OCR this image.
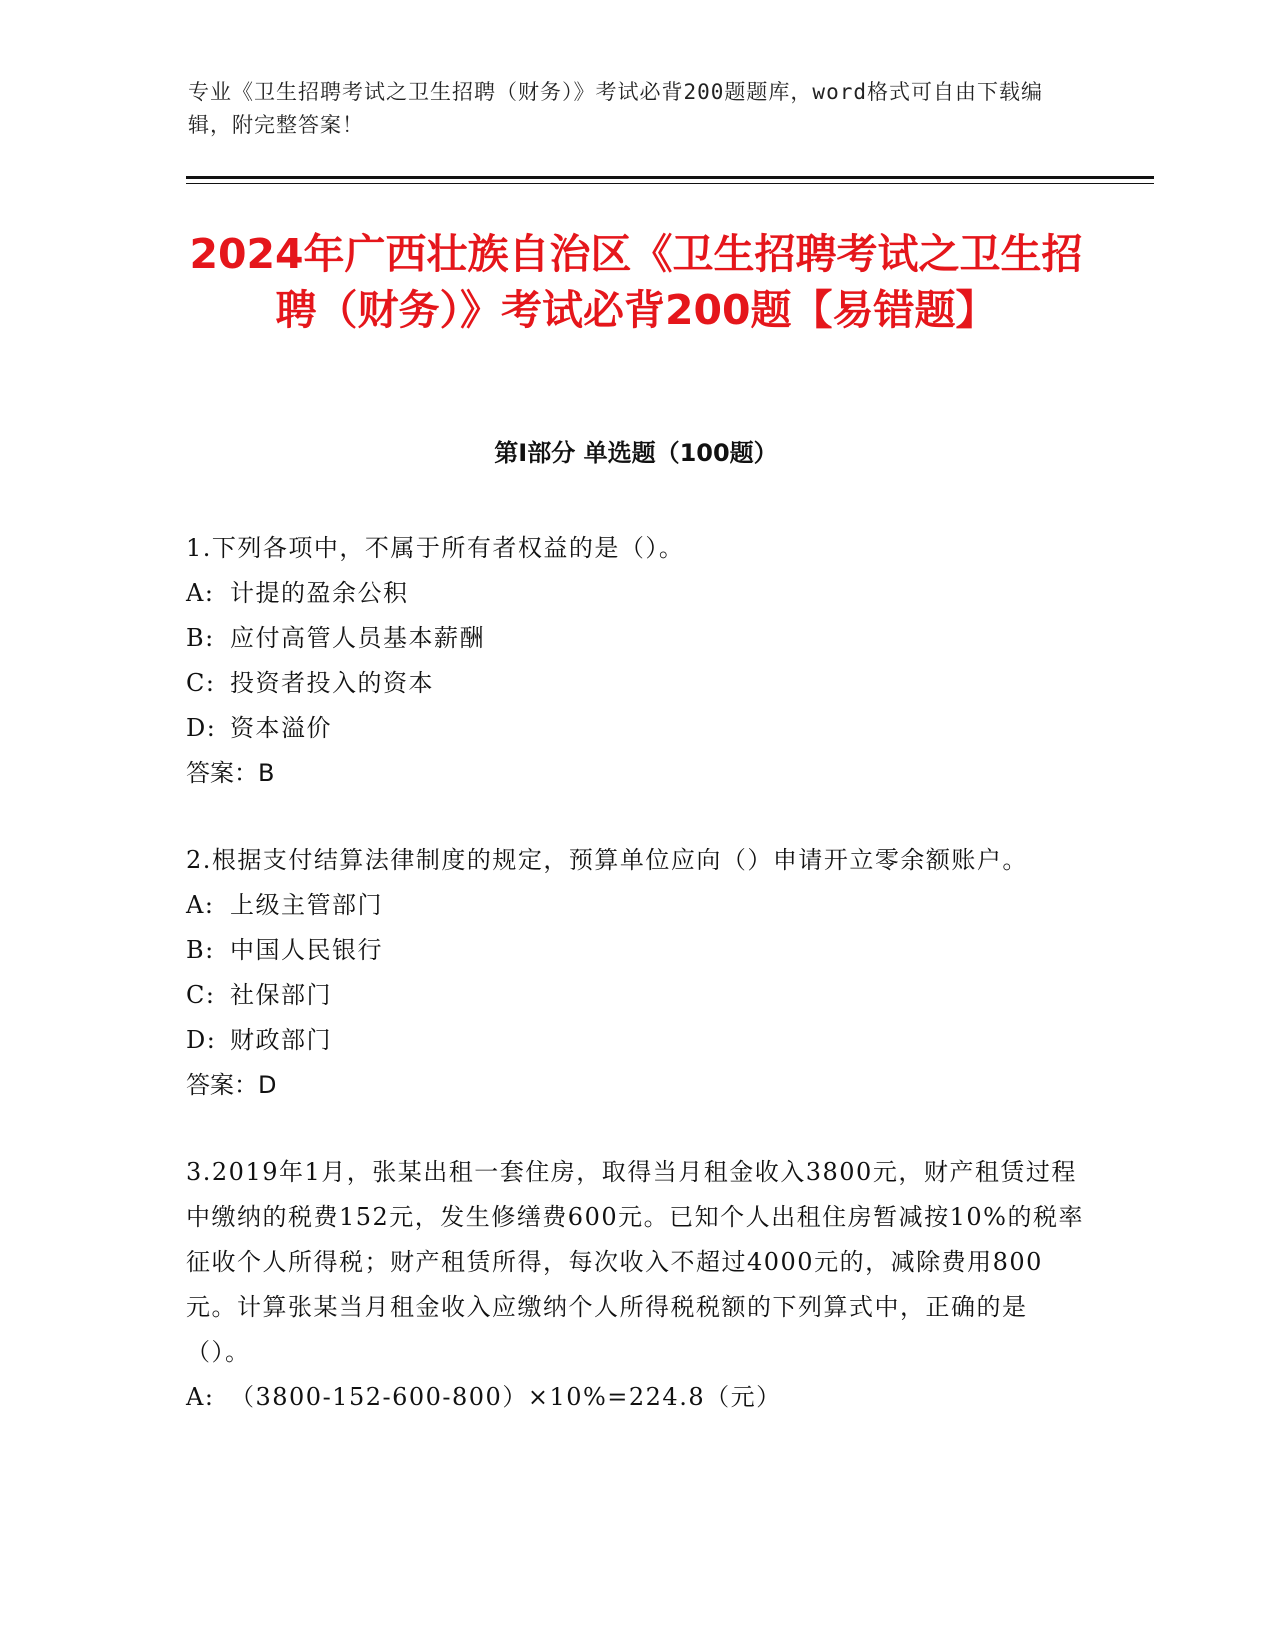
专业《卫生招聘考试之卫生招聘（财务）》考试必背200题题库，word格式可自由下载编辑，附完整答案！
2024年广西壮族自治区《卫生招聘考试之卫生招聘（财务）》考试必背200题【易错题】
第I部分 单选题（100题）
1.下列各项中，不属于所有者权益的是（）。
A: 计提的盈余公积
B: 应付高管人员基本薪酬
C: 投资者投入的资本
D: 资本溢价
答案：B
2.根据支付结算法律制度的规定，预算单位应向（）申请开立零余额账户。
A: 上级主管部门
B: 中国人民银行
C: 社保部门
D: 财政部门
答案：D
3.2019年1月，张某出租一套住房，取得当月租金收入3800元，财产租赁过程中缴纳的税费152元，发生修缮费600元。已知个人出租住房暂减按10%的税率征收个人所得税；财产租赁所得，每次收入不超过4000元的，减除费用800元。计算张某当月租金收入应缴纳个人所得税税额的下列算式中，正确的是（）。
A: （3800-152-600-800）×10%=224.8（元）
